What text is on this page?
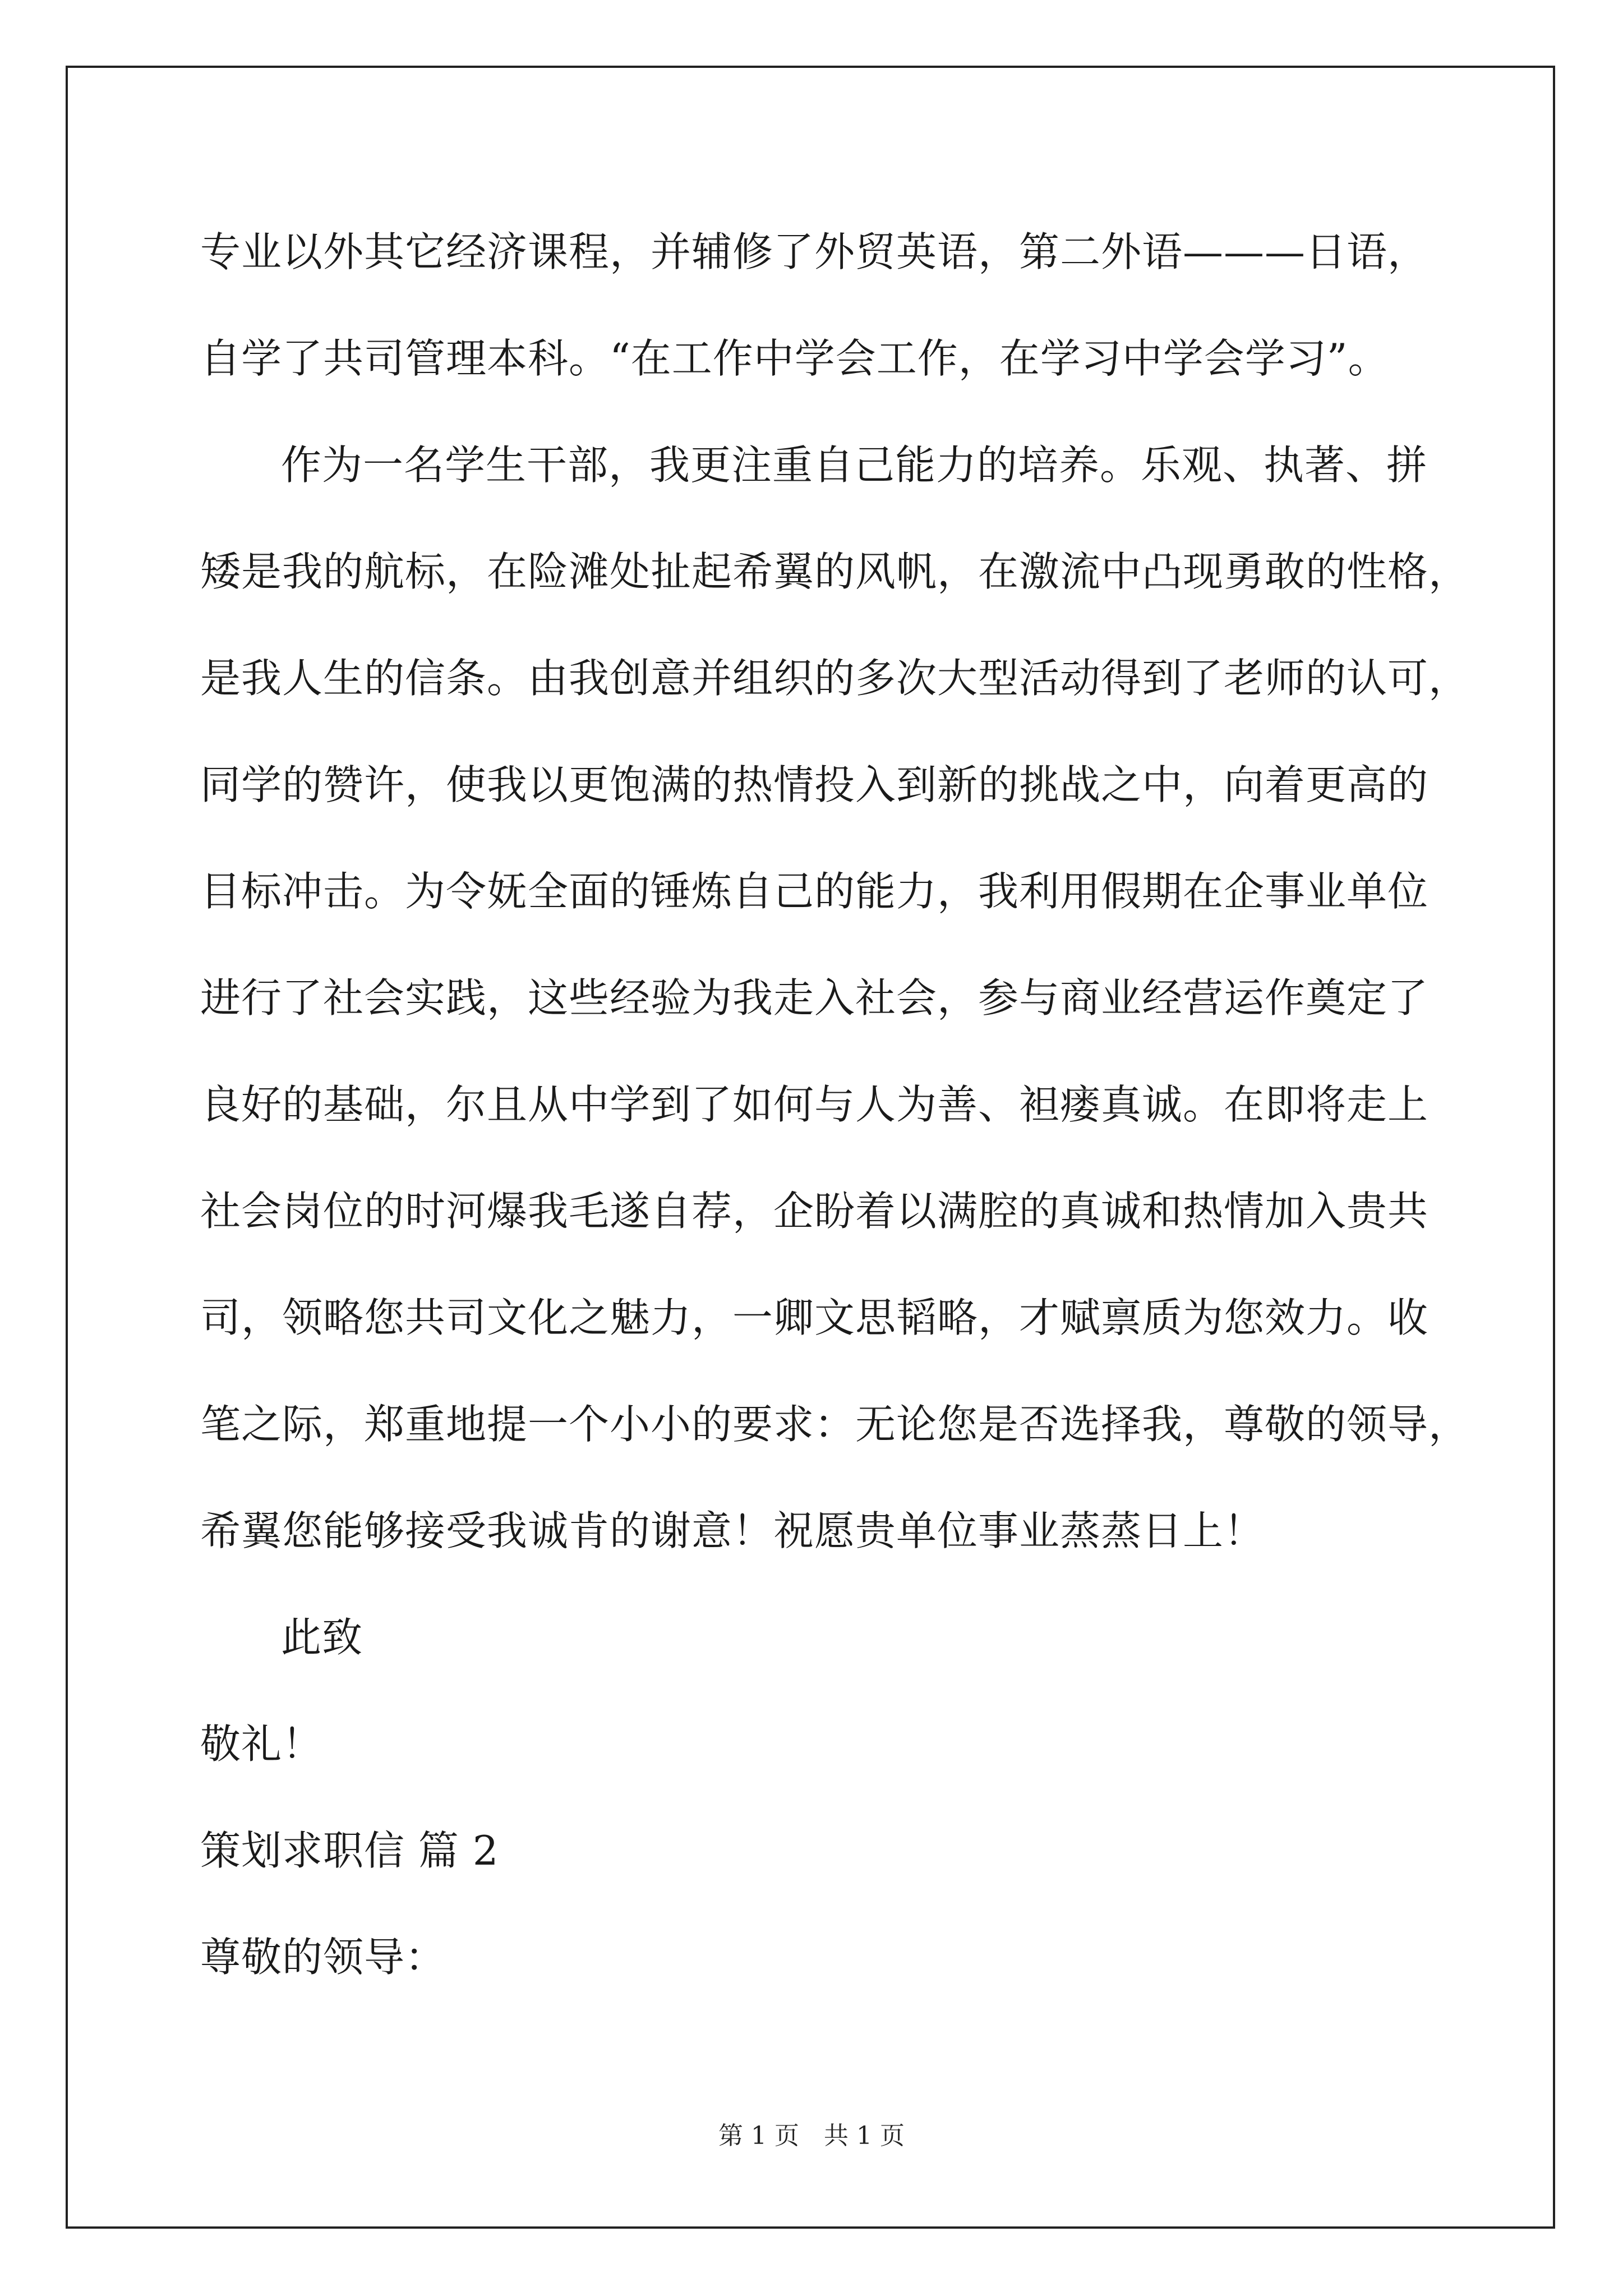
专业以外其它经济课程，并辅修了外贸英语，第二外语———日语，
自学了共司管理本科。“在工作中学会工作，在学习中学会学习”。
作为一名学生干部，我更注重自己能力的培养。乐观、执著、拼
矮是我的航标，在险滩处扯起希翼的风帆，在激流中凸现勇敢的性格，
是我人生的信条。由我创意并组织的多次大型活动得到了老师的认可，
同学的赞许，使我以更饱满的热情投入到新的挑战之中，向着更高的
目标冲击。为令妩全面的锤炼自己的能力，我利用假期在企事业单位
进行了社会实践，这些经验为我走入社会，参与商业经营运作奠定了
良好的基础，尔且从中学到了如何与人为善、袒瘘真诚。在即将走上
社会岗位的时河爆我毛遂自荐，企盼着以满腔的真诚和热情加入贵共
司，领略您共司文化之魅力，一卿文思韬略，才赋禀质为您效力。收
笔之际，郑重地提一个小小的要求：无论您是否选择我，尊敬的领导，
希翼您能够接受我诚肯的谢意！祝愿贵单位事业蒸蒸日上！
此致
敬礼！
策划求职信 篇 2
尊敬的领导：
第 1 页　共 1 页
